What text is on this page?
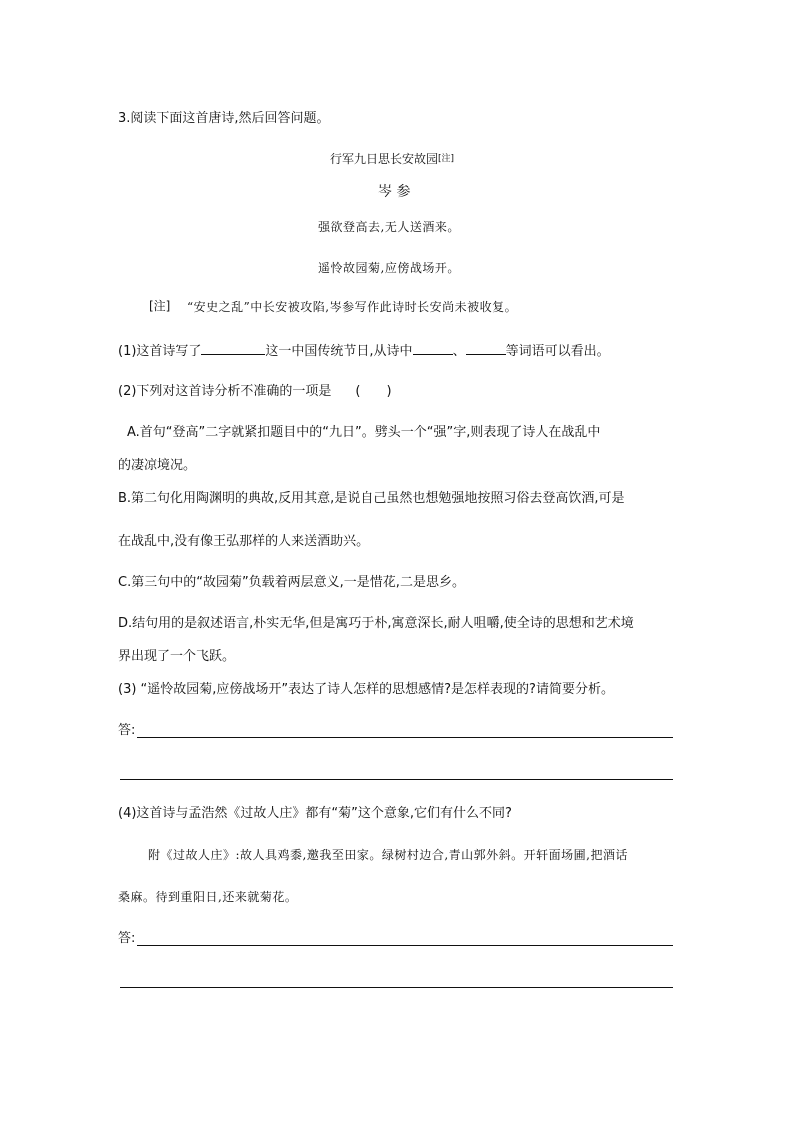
3.阅读下面这首唐诗,然后回答问题。
行军九日思长安故园[注]
岑 参
强欲登高去,无人送酒来。
遥怜故园菊,应傍战场开。
[注] “安史之乱”中长安被攻陷,岑参写作此诗时长安尚未被收复。
(1)这首诗写了	这一中国传统节日,从诗中	、	等词语可以看出。
(2)下列对这首诗分析不准确的一项是 (　　)
A.首句“登高”二字就紧扣题目中的“九日”。劈头一个“强”字,则表现了诗人在战乱中
的凄凉境况。
B.第二句化用陶渊明的典故,反用其意,是说自己虽然也想勉强地按照习俗去登高饮酒,可是
在战乱中,没有像王弘那样的人来送酒助兴。
C.第三句中的“故园菊”负载着两层意义,一是惜花,二是思乡。
D.结句用的是叙述语言,朴实无华,但是寓巧于朴,寓意深长,耐人咀嚼,使全诗的思想和艺术境
界出现了一个飞跃。
(3) “遥怜故园菊,应傍战场开”表达了诗人怎样的思想感情?是怎样表现的?请简要分析。
答:
(4)这首诗与孟浩然《过故人庄》都有“菊”这个意象,它们有什么不同?
附《过故人庄》:故人具鸡黍,邀我至田家。绿树村边合,青山郭外斜。开轩面场圃,把酒话
桑麻。待到重阳日,还来就菊花。
答:
